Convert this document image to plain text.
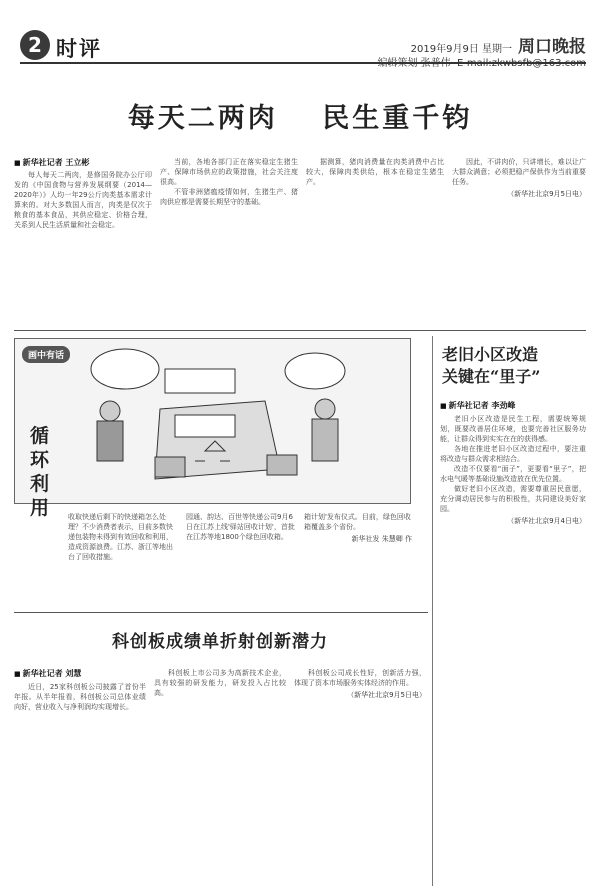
2 时评	2019年9月9日 星期一 周口晚报

每天二两肉 民生重千钧
■ 新华社记者 王立彬

每人每天二两肉，是修国务院办公厅印发的《中国食物与营养发展纲要（2014—2020年）》人均一年29公斤肉类基本需求计算来的。对大多数国人而言，肉类是仅次于粮食的基本食品，其供应稳定、价格合理，关系到人民生活质量和社会稳定。

当前，各地各部门正在落实稳定生猪生产、保障市场供应的政策措施，社会关注度很高。

不管非洲猪瘟疫情如何，生猪生产、猪肉供应都是需要长期坚守的基础。

据测算，猪肉消费量在肉类消费中占比较大，保障肉类供给，根本在稳定生猪生产。

因此，不讲肉价，只讲增长，难以让广大群众满意；必须把稳产保供作为当前重要任务。

（新华社北京9月5日电）
画中有话
循环利用	收取快递后剩下的快递箱怎么处理？不少消费者表示，目前多数快递包装物未得到有效回收和利用，造成资源浪费。江苏、浙江等地出台了回收措施。
园通、韵达、百世等快递公司9月6日在江苏上线'驿站回收计划'，首批在江苏等地1800个绿色回收箱。
箱计划'发布仪式。目前，绿色回收箱覆盖多个省份。
新华社发 朱慧卿 作
老旧小区改造
关键在“里子”
■ 新华社记者 李劲峰

老旧小区改造是民生工程，需要统筹规划，既要改善居住环境，也要完善社区服务功能，让群众得到实实在在的获得感。

各地在推进老旧小区改造过程中，要注重将改造与群众需求相结合。

改造不仅要看“面子”，更要看“里子”，把水电气暖等基础设施改造放在优先位置。

做好老旧小区改造，需要尊重居民意愿，充分调动居民参与的积极性，共同建设美好家园。

（新华社北京9月4日电）
科创板成绩单折射创新潜力
■ 新华社记者 刘慧

近日，25家科创板公司披露了首份半年报。从半年报看，科创板公司总体业绩向好，营业收入与净利润均实现增长。

科创板上市公司多为高新技术企业，具有较强的研发能力，研发投入占比较高。

科创板公司成长性好，创新活力强，体现了资本市场服务实体经济的作用。

（新华社北京9月5日电）
